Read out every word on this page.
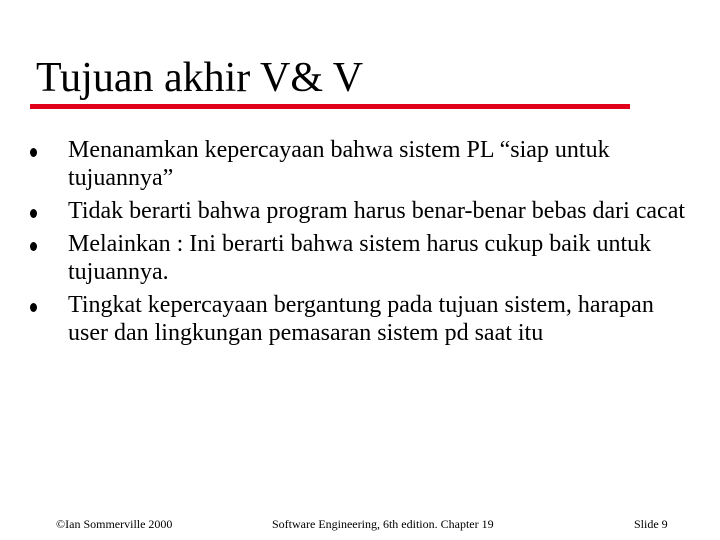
Tujuan akhir V& V
Menanamkan kepercayaan bahwa sistem PL “siap untuk tujuannya”
Tidak berarti bahwa program harus benar-benar bebas dari cacat
Melainkan : Ini berarti bahwa sistem harus cukup baik untuk tujuannya.
Tingkat kepercayaan bergantung pada tujuan sistem, harapan user dan lingkungan pemasaran sistem pd saat itu
©Ian Sommerville 2000	Software Engineering, 6th edition. Chapter 19	Slide 9
